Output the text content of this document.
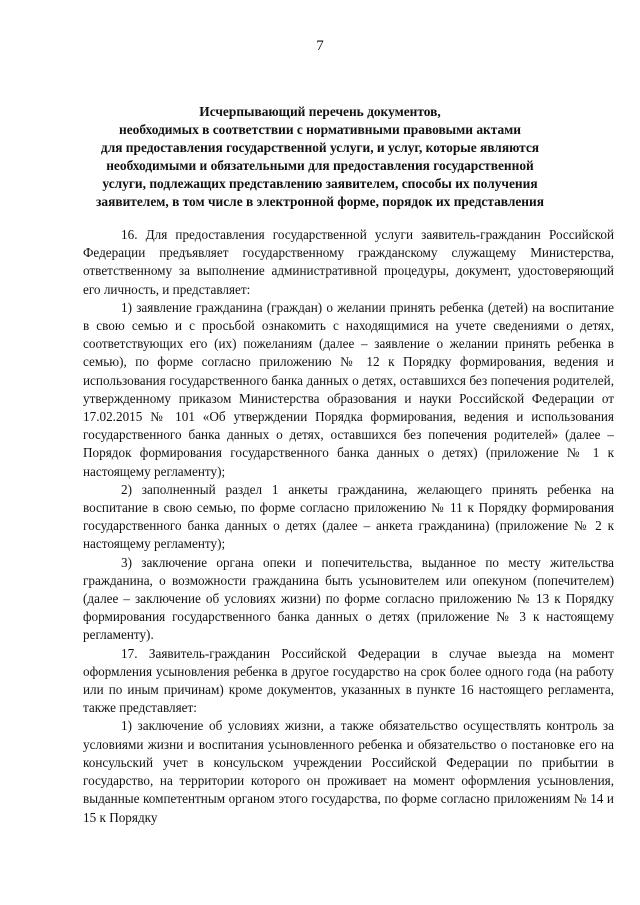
7
Исчерпывающий перечень документов,
необходимых в соответствии с нормативными правовыми актами
для предоставления государственной услуги, и услуг, которые являются
необходимыми и обязательными для предоставления государственной
услуги, подлежащих представлению заявителем, способы их получения
заявителем, в том числе в электронной форме, порядок их представления

16. Для предоставления государственной услуги заявитель-гражданин Российской Федерации предъявляет государственному гражданскому служащему Министерства, ответственному за выполнение административной процедуры, документ, удостоверяющий его личность, и представляет:

1) заявление гражданина (граждан) о желании принять ребенка (детей) на воспитание в свою семью и с просьбой ознакомить с находящимися на учете сведениями о детях, соответствующих его (их) пожеланиям (далее – заявление о желании принять ребенка в семью), по форме согласно приложению № 12 к Порядку формирования, ведения и использования государственного банка данных о детях, оставшихся без попечения родителей, утвержденному приказом Министерства образования и науки Российской Федерации от 17.02.2015 № 101 «Об утверждении Порядка формирования, ведения и использования государственного банка данных о детях, оставшихся без попечения родителей» (далее – Порядок формирования государственного банка данных о детях) (приложение № 1 к настоящему регламенту);

2) заполненный раздел 1 анкеты гражданина, желающего принять ребенка на воспитание в свою семью, по форме согласно приложению № 11 к Порядку формирования государственного банка данных о детях (далее – анкета гражданина) (приложение № 2 к настоящему регламенту);

3) заключение органа опеки и попечительства, выданное по месту жительства гражданина, о возможности гражданина быть усыновителем или опекуном (попечителем) (далее – заключение об условиях жизни) по форме согласно приложению № 13 к Порядку формирования государственного банка данных о детях (приложение № 3 к настоящему регламенту).

17. Заявитель-гражданин Российской Федерации в случае выезда на момент оформления усыновления ребенка в другое государство на срок более одного года (на работу или по иным причинам) кроме документов, указанных в пункте 16 настоящего регламента, также представляет:

1) заключение об условиях жизни, а также обязательство осуществлять контроль за условиями жизни и воспитания усыновленного ребенка и обязательство о постановке его на консульский учет в консульском учреждении Российской Федерации по прибытии в государство, на территории которого он проживает на момент оформления усыновления, выданные компетентным органом этого государства, по форме согласно приложениям № 14 и 15 к Порядку
